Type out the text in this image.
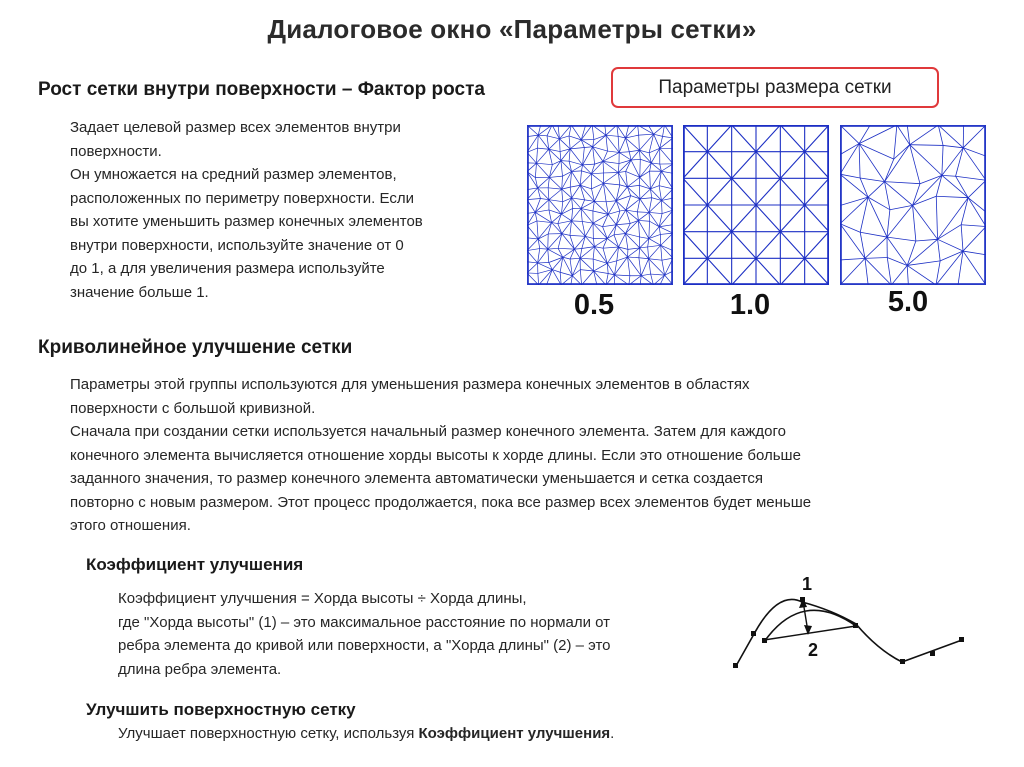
Диалоговое окно «Параметры сетки»
Рост сетки внутри поверхности – Фактор роста

Задает целевой размер всех элементов внутри
поверхности.
Он умножается на средний размер элементов,
расположенных по периметру поверхности. Если
вы хотите уменьшить размер конечных элементов
внутри поверхности, используйте значение от 0
до 1, а для увеличения размера используйте
значение больше 1.

Параметры размера сетки
0.5	1.0	5.0
Криволинейное улучшение сетки

Параметры этой группы используются для уменьшения размера конечных элементов в областях
поверхности с большой кривизной.
Сначала при создании сетки используется начальный размер конечного элемента. Затем для каждого
конечного элемента вычисляется отношение хорды высоты к хорде длины. Если это отношение больше
заданного значения, то размер конечного элемента автоматически уменьшается и сетка создается
повторно с новым размером. Этот процесс продолжается, пока все размер всех элементов будет меньше
этого отношения.

Коэффициент улучшения

Коэффициент улучшения = Хорда высоты ÷ Хорда длины,
где "Хорда высоты" (1) – это максимальное расстояние по нормали от
ребра элемента до кривой или поверхности, а "Хорда длины" (2) – это
длина ребра элемента.

1
2
Улучшить поверхностную сетку
Улучшает поверхностную сетку, используя Коэффициент улучшения.
